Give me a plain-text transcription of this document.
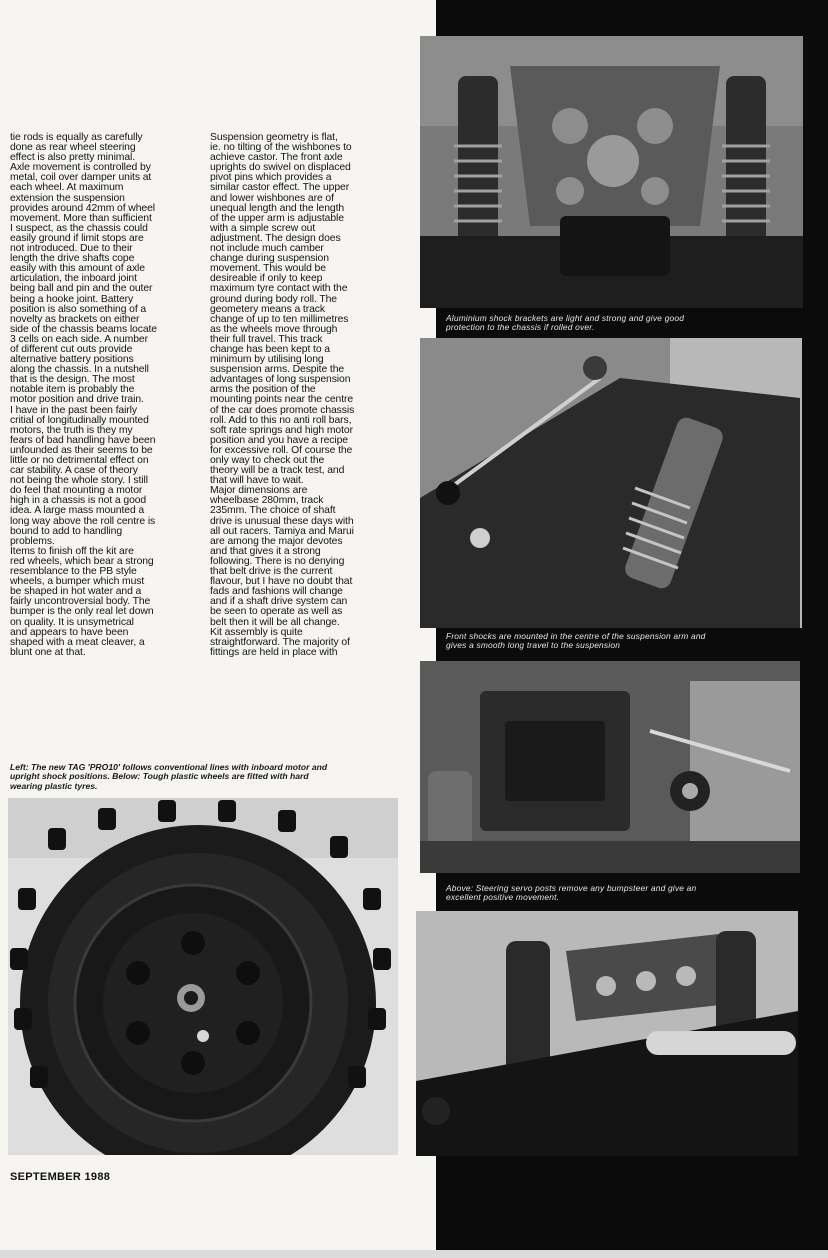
tie rods is equally as carefully
done as rear wheel steering
effect is also pretty minimal.
Axle movement is controlled by
metal, coil over damper units at
each wheel. At maximum
extension the suspension
provides around 42mm of wheel
movement. More than sufficient
I suspect, as the chassis could
easily ground if limit stops are
not introduced. Due to their
length the drive shafts cope
easily with this amount of axle
articulation, the inboard joint
being ball and pin and the outer
being a hooke joint. Battery
position is also something of a
novelty as brackets on either
side of the chassis beams locate
3 cells on each side. A number
of different cut outs provide
alternative battery positions
along the chassis. In a nutshell
that is the design. The most
notable item is probably the
motor position and drive train.
I have in the past been fairly
critial of longitudinally mounted
motors, the truth is they my
fears of bad handling have been
unfounded as their seems to be
little or no detrimental effect on
car stability. A case of theory
not being the whole story. I still
do feel that mounting a motor
high in a chassis is not a good
idea. A large mass mounted a
long way above the roll centre is
bound to add to handling
problems.
Items to finish off the kit are
red wheels, which bear a strong
resemblance to the PB style
wheels, a bumper which must
be shaped in hot water and a
fairly uncontroversial body. The
bumper is the only real let down
on quality. It is unsymetrical
and appears to have been
shaped with a meat cleaver, a
blunt one at that.
Suspension geometry is flat,
ie. no tilting of the wishbones to
achieve castor. The front axle
uprights do swivel on displaced
pivot pins which provides a
similar castor effect. The upper
and lower wishbones are of
unequal length and the length
of the upper arm is adjustable
with a simple screw out
adjustment. The design does
not include much camber
change during suspension
movement. This would be
desireable if only to keep
maximum tyre contact with the
ground during body roll. The
geometery means a track
change of up to ten millimetres
as the wheels move through
their full travel. This track
change has been kept to a
minimum by utilising long
suspension arms. Despite the
advantages of long suspension
arms the position of the
mounting points near the centre
of the car does promote chassis
roll. Add to this no anti roll bars,
soft rate springs and high motor
position and you have a recipe
for excessive roll. Of course the
only way to check out the
theory will be a track test, and
that will have to wait.
Major dimensions are
wheelbase 280mm, track
235mm. The choice of shaft
drive is unusual these days with
all out racers. Tamiya and Marui
are among the major devotes
and that gives it a strong
following. There is no denying
that belt drive is the current
flavour, but I have no doubt that
fads and fashions will change
and if a shaft drive system can
be seen to operate as well as
belt then it will be all change.
Kit assembly is quite
straightforward. The majority of
fittings are held in place with
Left: The new TAG 'PRO10' follows conventional lines with inboard motor and
upright shock positions. Below: Tough plastic wheels are fitted with hard
wearing plastic tyres.
Aluminium shock brackets are light and strong and give good
protection to the chassis if rolled over.
Front shocks are mounted in the centre of the suspension arm and
gives a smooth long travel to the suspension
Above: Steering servo posts remove any bumpsteer and give an
excellent positive movement.
SEPTEMBER 1988
